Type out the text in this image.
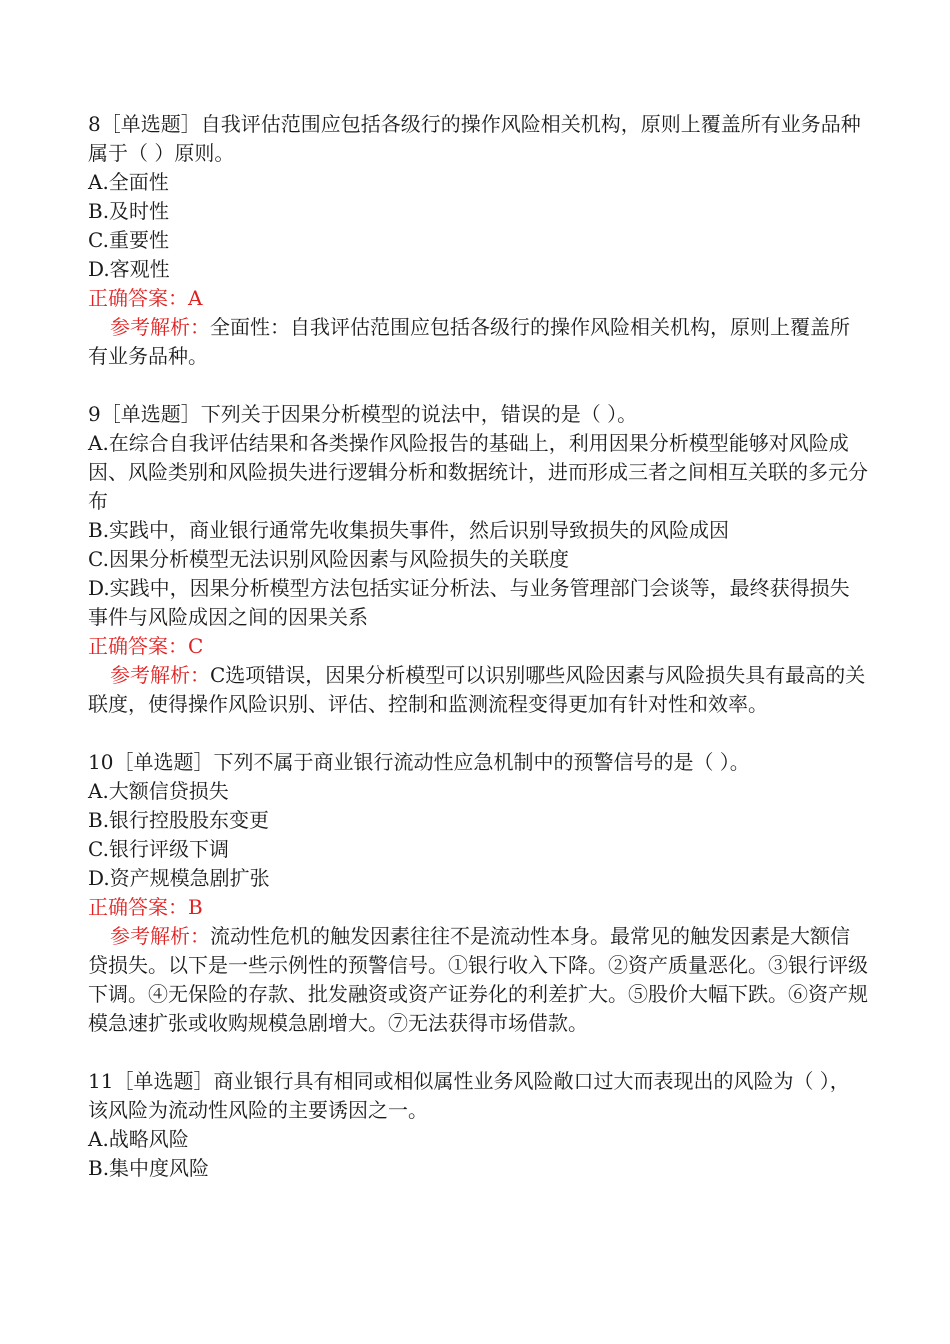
8［单选题］自我评估范围应包括各级行的操作风险相关机构，原则上覆盖所有业务品种属于（ ）原则。
A.全面性
B.及时性
C.重要性
D.客观性
正确答案：A
参考解析：全面性：自我评估范围应包括各级行的操作风险相关机构，原则上覆盖所有业务品种。
9［单选题］下列关于因果分析模型的说法中，错误的是（ ）。
A.在综合自我评估结果和各类操作风险报告的基础上，利用因果分析模型能够对风险成因、风险类别和风险损失进行逻辑分析和数据统计，进而形成三者之间相互关联的多元分布
B.实践中，商业银行通常先收集损失事件，然后识别导致损失的风险成因
C.因果分析模型无法识别风险因素与风险损失的关联度
D.实践中，因果分析模型方法包括实证分析法、与业务管理部门会谈等，最终获得损失事件与风险成因之间的因果关系
正确答案：C
参考解析：C选项错误，因果分析模型可以识别哪些风险因素与风险损失具有最高的关联度，使得操作风险识别、评估、控制和监测流程变得更加有针对性和效率。
10［单选题］下列不属于商业银行流动性应急机制中的预警信号的是（ ）。
A.大额信贷损失
B.银行控股股东变更
C.银行评级下调
D.资产规模急剧扩张
正确答案：B
参考解析：流动性危机的触发因素往往不是流动性本身。最常见的触发因素是大额信贷损失。以下是一些示例性的预警信号。①银行收入下降。②资产质量恶化。③银行评级下调。④无保险的存款、批发融资或资产证券化的利差扩大。⑤股价大幅下跌。⑥资产规模急速扩张或收购规模急剧增大。⑦无法获得市场借款。
11［单选题］商业银行具有相同或相似属性业务风险敞口过大而表现出的风险为（ ），该风险为流动性风险的主要诱因之一。
A.战略风险
B.集中度风险
